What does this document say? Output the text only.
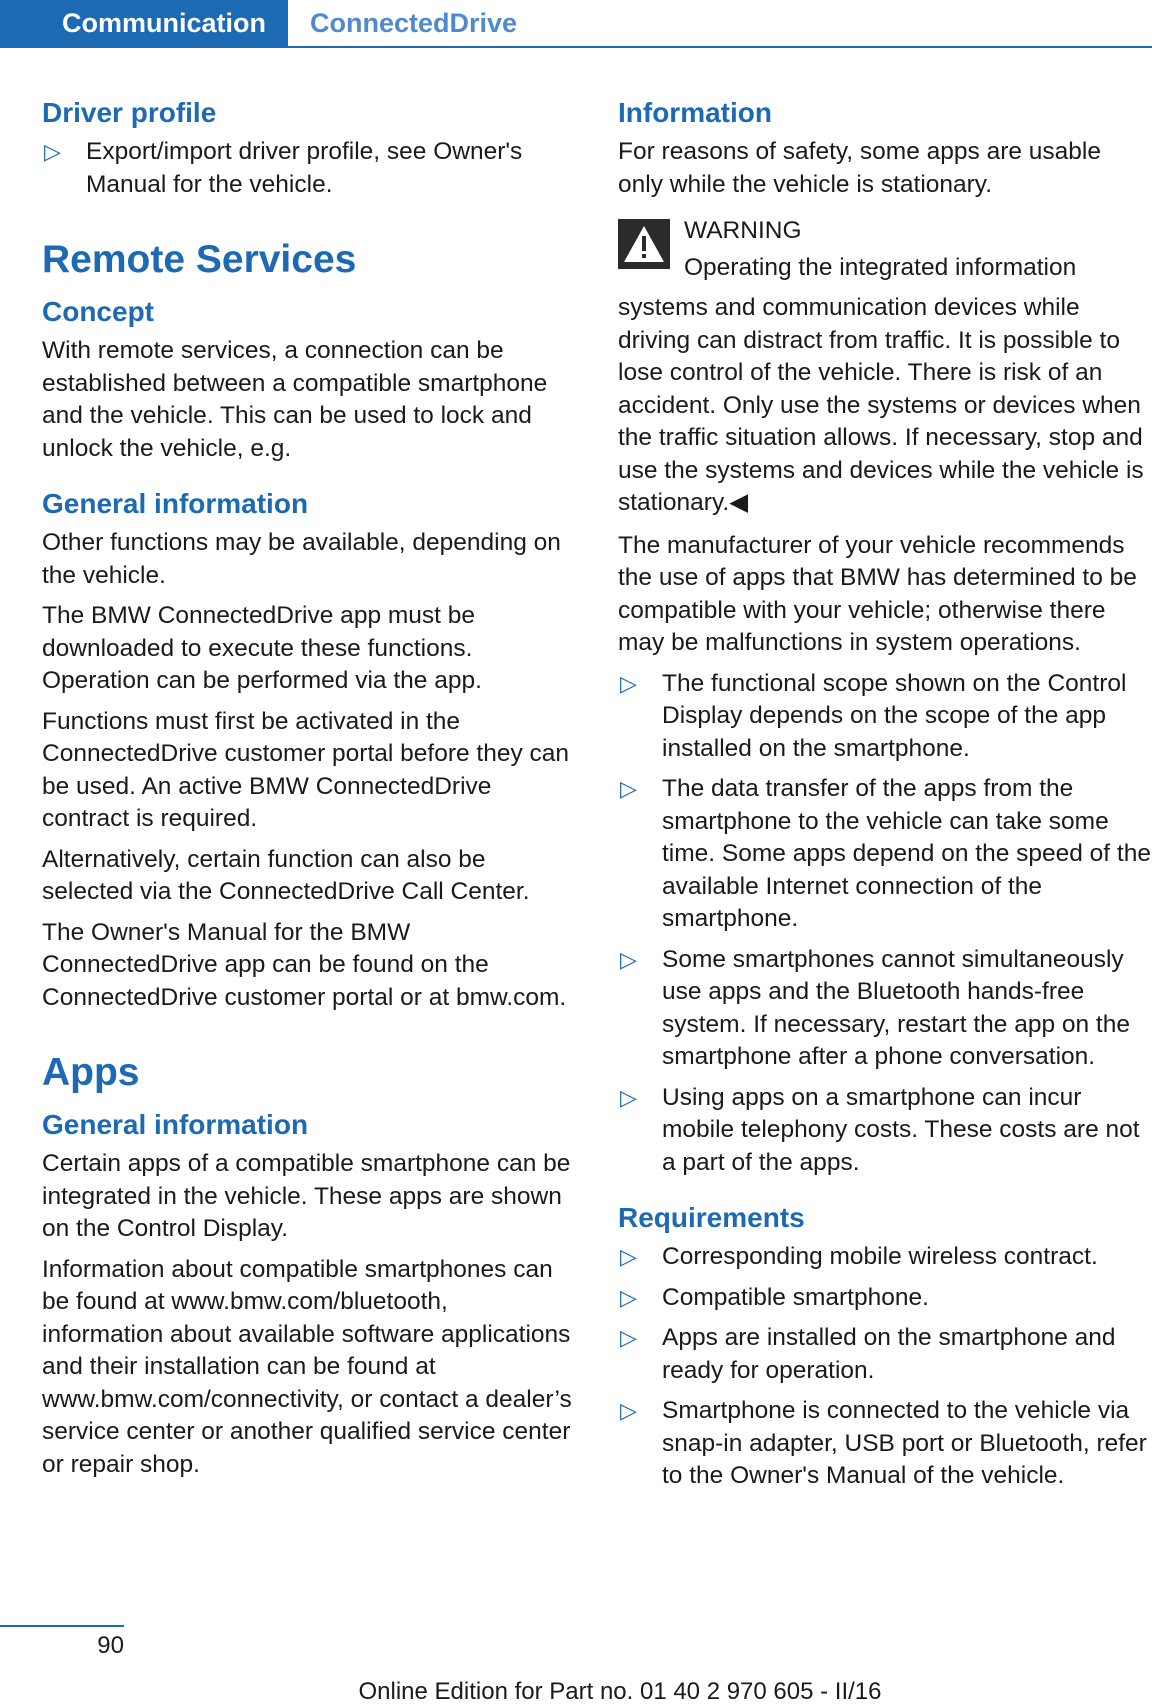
Communication	ConnectedDrive
Driver profile
▷ Export/import driver profile, see Owner's Manual for the vehicle.
Remote Services
Concept

With remote services, a connection can be established between a compatible smartphone and the vehicle. This can be used to lock and unlock the vehicle, e.g.

General information

Other functions may be available, depending on the vehicle.

The BMW ConnectedDrive app must be downloaded to execute these functions. Operation can be performed via the app.

Functions must first be activated in the ConnectedDrive customer portal before they can be used. An active BMW ConnectedDrive contract is required.

Alternatively, certain function can also be selected via the ConnectedDrive Call Center.

The Owner's Manual for the BMW ConnectedDrive app can be found on the ConnectedDrive customer portal or at bmw.com.

Apps
General information

Certain apps of a compatible smartphone can be integrated in the vehicle. These apps are shown on the Control Display.

Information about compatible smartphones can be found at www.bmw.com/bluetooth, information about available software applications and their installation can be found at www.bmw.com/connectivity, or contact a dealer’s service center or another qualified service center or repair shop.

Information

For reasons of safety, some apps are usable only while the vehicle is stationary.

WARNING

Operating the integrated information

systems and communication devices while driving can distract from traffic. It is possible to lose control of the vehicle. There is risk of an accident. Only use the systems or devices when the traffic situation allows. If necessary, stop and use the systems and devices while the vehicle is stationary.◀

The manufacturer of your vehicle recommends the use of apps that BMW has determined to be compatible with your vehicle; otherwise there may be malfunctions in system operations.

▷ The functional scope shown on the Control Display depends on the scope of the app installed on the smartphone.
▷ The data transfer of the apps from the smartphone to the vehicle can take some time. Some apps depend on the speed of the available Internet connection of the smartphone.
▷ Some smartphones cannot simultaneously use apps and the Bluetooth hands-free system. If necessary, restart the app on the smartphone after a phone conversation.
▷ Using apps on a smartphone can incur mobile telephony costs. These costs are not a part of the apps.
Requirements
▷ Corresponding mobile wireless contract.
▷ Compatible smartphone.
▷ Apps are installed on the smartphone and ready for operation.
▷ Smartphone is connected to the vehicle via snap-in adapter, USB port or Bluetooth, refer to the Owner's Manual of the vehicle.
90
Online Edition for Part no. 01 40 2 970 605 - II/16
